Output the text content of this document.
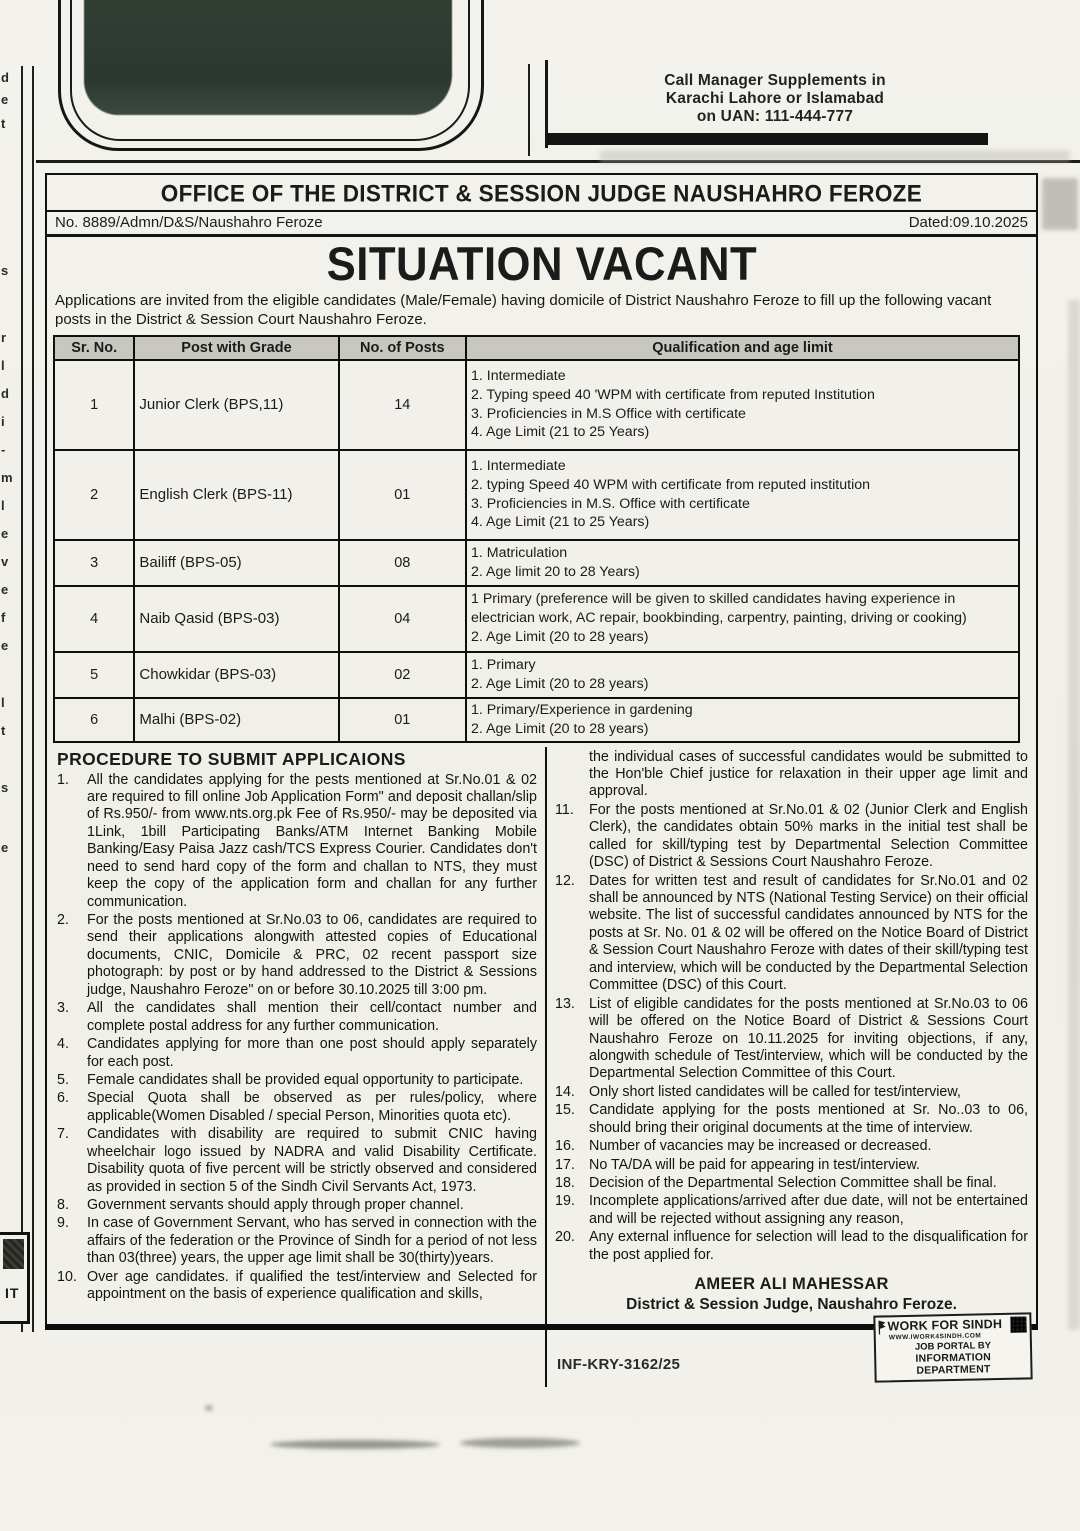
d
e
t
s
r
l
d
i
-
m
l
e
v
e
f
e
l
t
s
e
IT
Call Manager Supplements in
Karachi Lahore or Islamabad
on UAN: 111-444-777
OFFICE OF THE DISTRICT & SESSION JUDGE NAUSHAHRO FEROZE
No. 8889/Admn/D&S/Naushahro Feroze	Dated:09.10.2025
SITUATION VACANT
Applications are invited from the eligible candidates (Male/Female) having domicile of District Naushahro Feroze to fill up the following vacant posts in the District & Session Court Naushahro Feroze.
Sr. No.	Post with Grade	No. of Posts	Qualification and age limit
1	Junior Clerk (BPS,11)	14	1. Intermediate
2. Typing speed 40 'WPM with certificate from reputed Institution
3. Proficiencies in M.S Office with certificate
4. Age Limit (21 to 25 Years)

2	English Clerk (BPS-11)	01	1. Intermediate
2. typing Speed 40 WPM with certificate from reputed institution
3. Proficiencies in M.S. Office with certificate
4. Age Limit (21 to 25 Years)

3	Bailiff (BPS-05)	08	1. Matriculation
2. Age limit 20 to 28 Years)

4	Naib Qasid (BPS-03)	04	1 Primary (preference will be given to skilled candidates having experience in electrician work, AC repair, bookbinding, carpentry, painting, driving or cooking)
2. Age Limit (20 to 28 years)

5	Chowkidar (BPS-03)	02	1. Primary
2. Age Limit (20 to 28 years)

6	Malhi (BPS-02)	01	1. Primary/Experience in gardening
2. Age Limit (20 to 28 years)
PROCEDURE TO SUBMIT APPLICAIONS
1.	All the candidates applying for the pests mentioned at Sr.No.01 & 02 are required to fill online Job Application Form" and deposit challan/slip of Rs.950/- from www.nts.org.pk Fee of Rs.950/- may be deposited via 1Link, 1bill Participating Banks/ATM Internet Banking Mobile Banking/Easy Paisa Jazz cash/TCS Express Courier. Candidates don't need to send hard copy of the form and challan to NTS, they must keep the copy of the application form and challan for any further communication.
2.	For the posts mentioned at Sr.No.03 to 06, candidates are required to send their applications alongwith attested copies of Educational documents, CNIC, Domicile & PRC, 02 recent passport size photograph: by post or by hand addressed to the District & Sessions judge, Naushahro Feroze" on or before 30.10.2025 till 3:00 pm.
3.	All the candidates shall mention their cell/contact number and complete postal address for any further communication.
4.	Candidates applying for more than one post should apply separately for each post.
5.	Female candidates shall be provided equal opportunity to participate.
6.	Special Quota shall be observed as per rules/policy, where applicable(Women Disabled / special Person, Minorities quota etc).
7.	Candidates with disability are required to submit CNIC having wheelchair logo issued by NADRA and valid Disability Certificate. Disability quota of five percent will be strictly observed and considered as provided in section 5 of the Sindh Civil Servants Act, 1973.
8.	Government servants should apply through proper channel.
9.	In case of Government Servant, who has served in connection with the affairs of the federation or the Province of Sindh for a period of not less than 03(three) years, the upper age limit shall be 30(thirty)years.
10. Over age candidates. if qualified the test/interview and Selected for appointment on the basis of experience qualification and skills,
the individual cases of successful candidates would be submitted to the Hon'ble Chief justice for relaxation in their upper age limit and approval.
11.	For the posts mentioned at Sr.No.01 & 02 (Junior Clerk and English Clerk), the candidates obtain 50% marks in the initial test shall be called for skill/typing test by Departmental Selection Committee (DSC) of District & Sessions Court Naushahro Feroze.
12. Dates for written test and result of candidates for Sr.No.01 and 02 shall be announced by NTS (National Testing Service) on their official website. The list of successful candidates announced by NTS for the posts at Sr. No. 01 & 02 will be offered on the Notice Board of District & Session Court Naushahro Feroze with dates of their skill/typing test and interview, which will be conducted by the Departmental Selection Committee (DSC) of this Court.
13. List of eligible candidates for the posts mentioned at Sr.No.03 to 06 will be offered on the Notice Board of District & Sessions Court Naushahro Feroze on 10.11.2025 for inviting objections, if any, alongwith schedule of Test/interview, which will be conducted by the Departmental Selection Committee of this Court.
14. Only short listed candidates will be called for test/interview,
15. Candidate applying for the posts mentioned at Sr. No..03 to 06, should bring their original documents at the time of interview.
16. Number of vacancies may be increased or decreased.
17. No TA/DA will be paid for appearing in test/interview.
18. Decision of the Departmental Selection Committee shall be final.
19. Incomplete applications/arrived after due date, will not be entertained and will be rejected without assigning any reason,
20. Any external influence for selection will lead to the disqualification for the post applied for.
AMEER ALI MAHESSAR
District & Session Judge, Naushahro Feroze.
INF-KRY-3162/25
WORK FOR SINDH
WWW.IWORK4SINDH.COM
JOB PORTAL BY
INFORMATION DEPARTMENT
